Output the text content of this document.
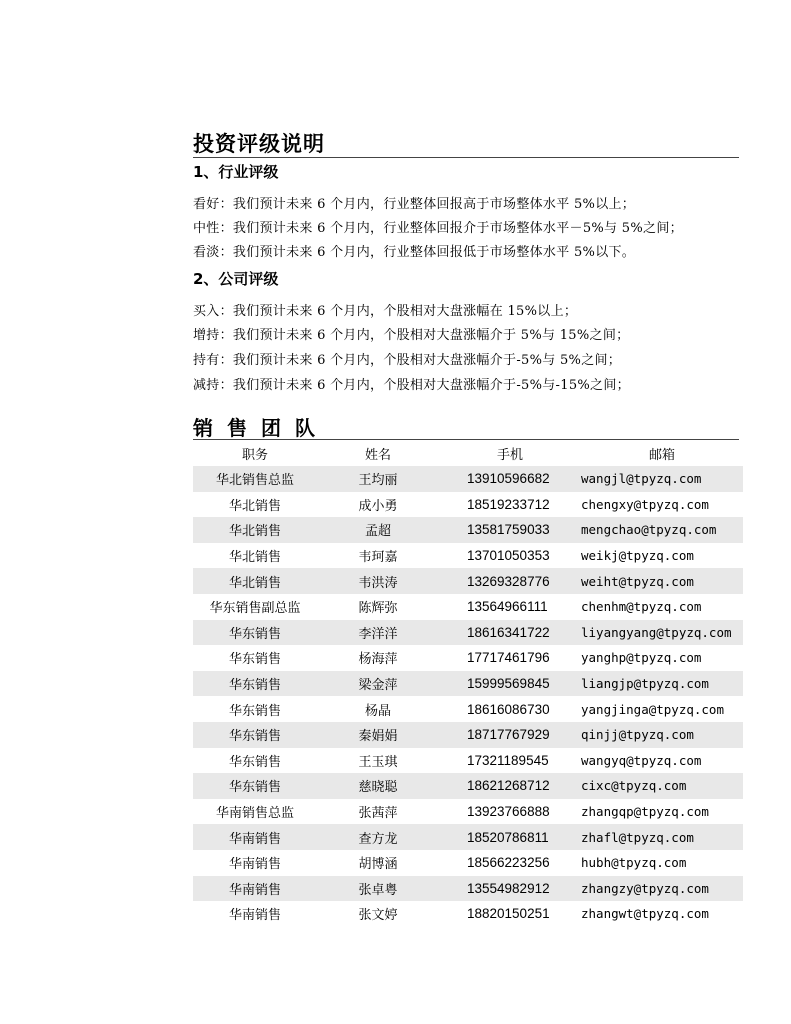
投资评级说明
1、行业评级
看好：我们预计未来 6 个月内，行业整体回报高于市场整体水平 5%以上；
中性：我们预计未来 6 个月内，行业整体回报介于市场整体水平－5%与 5%之间；
看淡：我们预计未来 6 个月内，行业整体回报低于市场整体水平 5%以下。
2、公司评级
买入：我们预计未来 6 个月内，个股相对大盘涨幅在 15%以上；
增持：我们预计未来 6 个月内，个股相对大盘涨幅介于 5%与 15%之间；
持有：我们预计未来 6 个月内，个股相对大盘涨幅介于-5%与 5%之间；
减持：我们预计未来 6 个月内，个股相对大盘涨幅介于-5%与-15%之间；
销售团队
职务	姓名	手机	邮箱
华北销售总监	王均丽	13910596682	wangjl@tpyzq.com
华北销售	成小勇	18519233712	chengxy@tpyzq.com
华北销售	孟超	13581759033	mengchao@tpyzq.com
华北销售	韦珂嘉	13701050353	weikj@tpyzq.com
华北销售	韦洪涛	13269328776	weiht@tpyzq.com
华东销售副总监	陈辉弥	13564966111	chenhm@tpyzq.com
华东销售	李洋洋	18616341722	liyangyang@tpyzq.com
华东销售	杨海萍	17717461796	yanghp@tpyzq.com
华东销售	梁金萍	15999569845	liangjp@tpyzq.com
华东销售	杨晶	18616086730	yangjinga@tpyzq.com
华东销售	秦娟娟	18717767929	qinjj@tpyzq.com
华东销售	王玉琪	17321189545	wangyq@tpyzq.com
华东销售	慈晓聪	18621268712	cixc@tpyzq.com
华南销售总监	张茜萍	13923766888	zhangqp@tpyzq.com
华南销售	查方龙	18520786811	zhafl@tpyzq.com
华南销售	胡博涵	18566223256	hubh@tpyzq.com
华南销售	张卓粤	13554982912	zhangzy@tpyzq.com
华南销售	张文婷	18820150251	zhangwt@tpyzq.com
